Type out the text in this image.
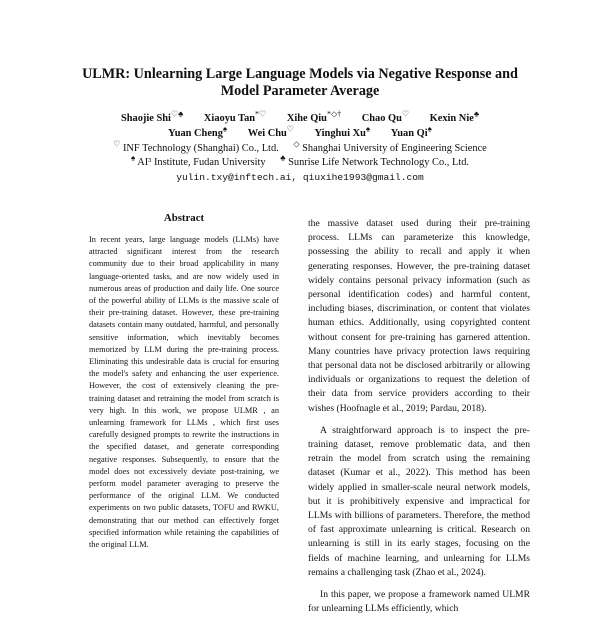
ULMR: Unlearning Large Language Models via Negative Response and
Model Parameter Average
Shaojie Shi♡♣ Xiaoyu Tan*♡ Xihe Qiu*◇† Chao Qu♡ Kexin Nie♣
Yuan Cheng♠ Wei Chu♡ Yinghui Xu♠ Yuan Qi♠
♡ INF Technology (Shanghai) Co., Ltd. ◇ Shanghai University of Engineering Science
♠ AI³ Institute, Fudan University ♣ Sunrise Life Network Technology Co., Ltd.
yulin.txy@inftech.ai, qiuxihe1993@gmail.com
Abstract
In recent years, large language models (LLMs) have attracted significant interest from the research community due to their broad applicability in many language-oriented tasks, and are now widely used in numerous areas of production and daily life. One source of the powerful ability of LLMs is the massive scale of their pre-training dataset. However, these pre-training datasets contain many outdated, harmful, and personally sensitive information, which inevitably becomes memorized by LLM during the pre-training process. Eliminating this undesirable data is crucial for ensuring the model's safety and enhancing the user experience. However, the cost of extensively cleaning the pre-training dataset and retraining the model from scratch is very high. In this work, we propose ULMR , an unlearning framework for LLMs , which first uses carefully designed prompts to rewrite the instructions in the specified dataset, and generate corresponding negative responses. Subsequently, to ensure that the model does not excessively deviate post-training, we perform model parameter averaging to preserve the performance of the original LLM. We conducted experiments on two public datasets, TOFU and RWKU, demonstrating that our method can effectively forget specified information while retaining the capabilities of the original LLM.

the massive dataset used during their pre-training process. LLMs can parameterize this knowledge, possessing the ability to recall and apply it when generating responses. However, the pre-training dataset widely contains personal privacy information (such as personal identification codes) and harmful content, including biases, discrimination, or content that violates human ethics. Additionally, using copyrighted content without consent for pre-training has garnered attention. Many countries have privacy protection laws requiring that personal data not be disclosed arbitrarily or allowing individuals or organizations to request the deletion of their data from service providers according to their wishes (Hoofnagle et al., 2019; Pardau, 2018).

A straightforward approach is to inspect the pre-training dataset, remove problematic data, and then retrain the model from scratch using the remaining dataset (Kumar et al., 2022). This method has been widely applied in smaller-scale neural network models, but it is prohibitively expensive and impractical for LLMs with billions of parameters. Therefore, the method of fast approximate unlearning is critical. Research on unlearning is still in its early stages, focusing on the fields of machine learning, and unlearning for LLMs remains a challenging task (Zhao et al., 2024).

In this paper, we propose a framework named ULMR for unlearning LLMs efficiently, which
